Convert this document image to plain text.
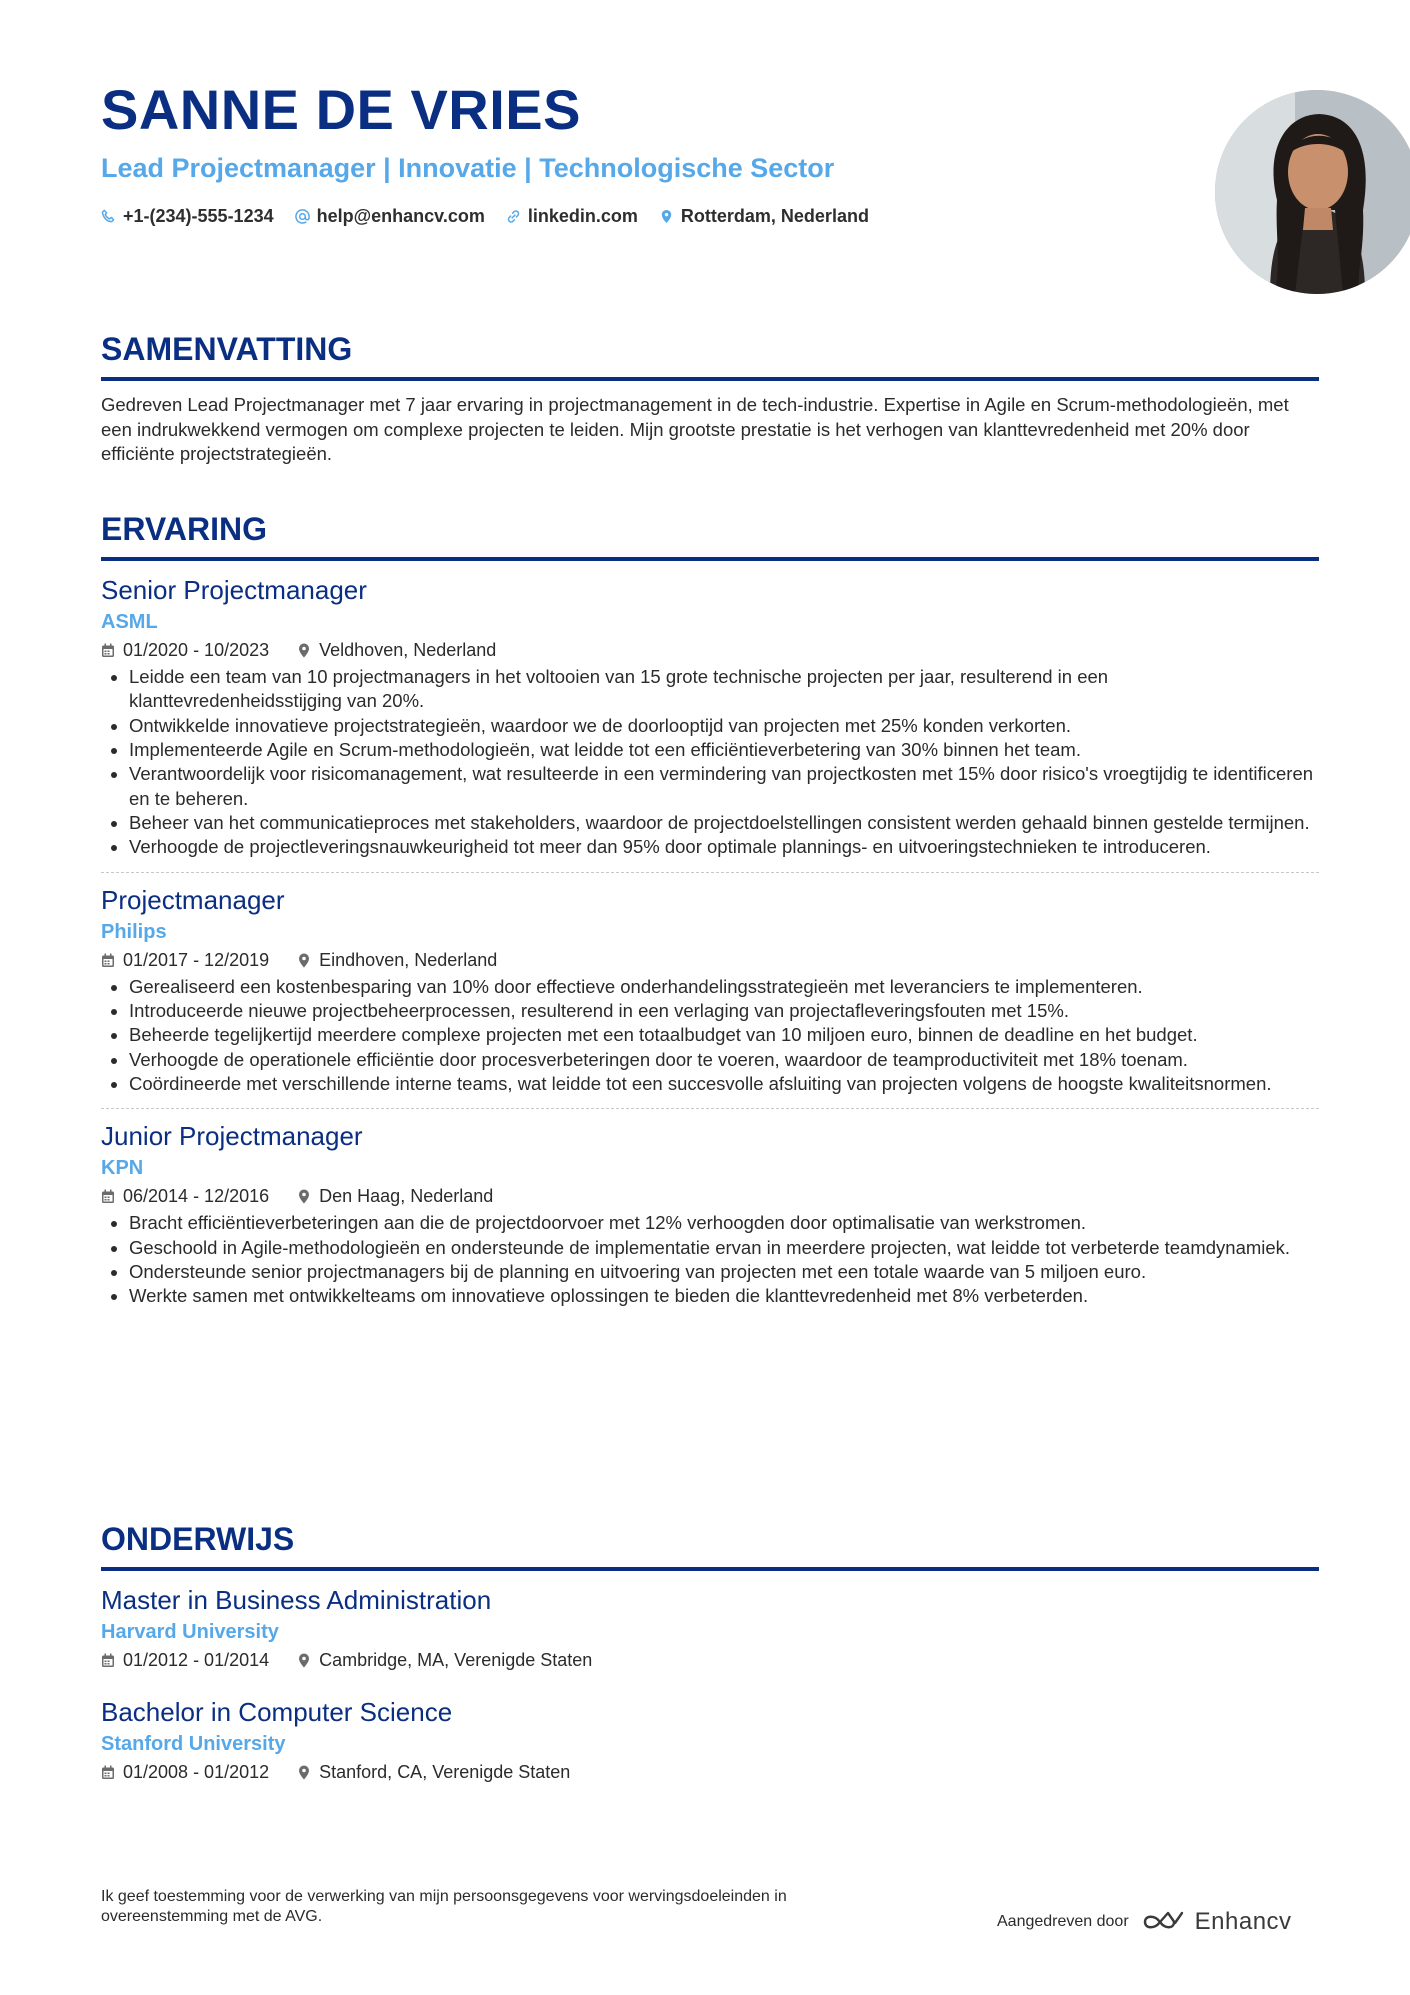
SANNE DE VRIES
Lead Projectmanager | Innovatie | Technologische Sector
+1-(234)-555-1234 help@enhancv.com linkedin.com Rotterdam, Nederland
SAMENVATTING

Gedreven Lead Projectmanager met 7 jaar ervaring in projectmanagement in de tech-industrie. Expertise in Agile en Scrum-methodologieën, met een indrukwekkend vermogen om complexe projecten te leiden. Mijn grootste prestatie is het verhogen van klanttevredenheid met 20% door efficiënte projectstrategieën.

ERVARING
Senior Projectmanager
ASML
01/2020 - 10/2023	Veldhoven, Nederland
• Leidde een team van 10 projectmanagers in het voltooien van 15 grote technische projecten per jaar, resulterend in een klanttevredenheidsstijging van 20%.
• Ontwikkelde innovatieve projectstrategieën, waardoor we de doorlooptijd van projecten met 25% konden verkorten.
• Implementeerde Agile en Scrum-methodologieën, wat leidde tot een efficiëntieverbetering van 30% binnen het team.
• Verantwoordelijk voor risicomanagement, wat resulteerde in een vermindering van projectkosten met 15% door risico's vroegtijdig te identificeren en te beheren.
• Beheer van het communicatieproces met stakeholders, waardoor de projectdoelstellingen consistent werden gehaald binnen gestelde termijnen.
• Verhoogde de projectleveringsnauwkeurigheid tot meer dan 95% door optimale plannings- en uitvoeringstechnieken te introduceren.
Projectmanager
Philips
01/2017 - 12/2019	Eindhoven, Nederland
• Gerealiseerd een kostenbesparing van 10% door effectieve onderhandelingsstrategieën met leveranciers te implementeren.
• Introduceerde nieuwe projectbeheerprocessen, resulterend in een verlaging van projectafleveringsfouten met 15%.
• Beheerde tegelijkertijd meerdere complexe projecten met een totaalbudget van 10 miljoen euro, binnen de deadline en het budget.
• Verhoogde de operationele efficiëntie door procesverbeteringen door te voeren, waardoor de teamproductiviteit met 18% toenam.
• Coördineerde met verschillende interne teams, wat leidde tot een succesvolle afsluiting van projecten volgens de hoogste kwaliteitsnormen.
Junior Projectmanager
KPN
06/2014 - 12/2016	Den Haag, Nederland
• Bracht efficiëntieverbeteringen aan die de projectdoorvoer met 12% verhoogden door optimalisatie van werkstromen.
• Geschoold in Agile-methodologieën en ondersteunde de implementatie ervan in meerdere projecten, wat leidde tot verbeterde teamdynamiek.
• Ondersteunde senior projectmanagers bij de planning en uitvoering van projecten met een totale waarde van 5 miljoen euro.
• Werkte samen met ontwikkelteams om innovatieve oplossingen te bieden die klanttevredenheid met 8% verbeterden.
ONDERWIJS
Master in Business Administration
Harvard University
01/2012 - 01/2014	Cambridge, MA, Verenigde Staten
Bachelor in Computer Science
Stanford University
01/2008 - 01/2012	Stanford, CA, Verenigde Staten

Ik geef toestemming voor de verwerking van mijn persoonsgegevens voor wervingsdoeleinden in overeenstemming met de AVG.	Aangedreven door	Enhancv
